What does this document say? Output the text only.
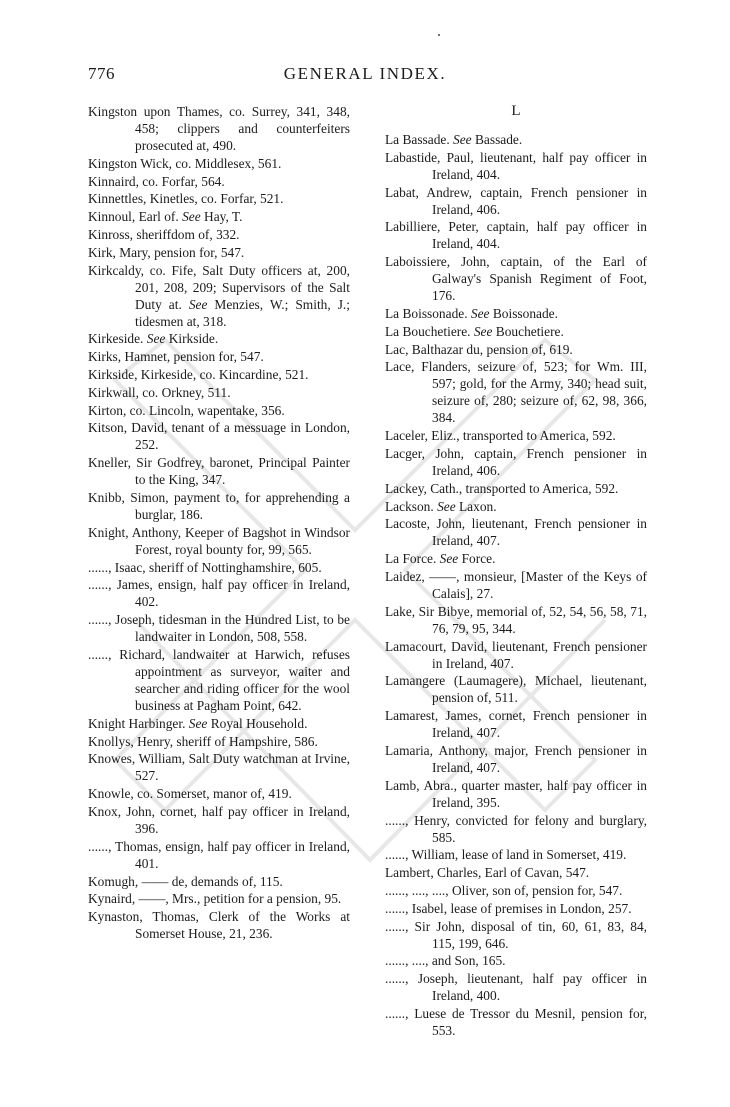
776	GENERAL INDEX.
Kingston upon Thames, co. Surrey, 341, 348, 458; clippers and counterfeiters prosecuted at, 490.
Kingston Wick, co. Middlesex, 561.
Kinnaird, co. Forfar, 564.
Kinnettles, Kinetles, co. Forfar, 521.
Kinnoul, Earl of. See Hay, T.
Kinross, sheriffdom of, 332.
Kirk, Mary, pension for, 547.
Kirkcaldy, co. Fife, Salt Duty officers at, 200, 201, 208, 209; Supervisors of the Salt Duty at. See Menzies, W.; Smith, J.; tidesmen at, 318.
Kirkeside. See Kirkside.
Kirks, Hamnet, pension for, 547.
Kirkside, Kirkeside, co. Kincardine, 521.
Kirkwall, co. Orkney, 511.
Kirton, co. Lincoln, wapentake, 356.
Kitson, David, tenant of a messuage in London, 252.
Kneller, Sir Godfrey, baronet, Principal Painter to the King, 347.
Knibb, Simon, payment to, for apprehending a burglar, 186.
Knight, Anthony, Keeper of Bagshot in Windsor Forest, royal bounty for, 99, 565.
......, Isaac, sheriff of Nottinghamshire, 605.
......, James, ensign, half pay officer in Ireland, 402.
......, Joseph, tidesman in the Hundred List, to be landwaiter in London, 508, 558.
......, Richard, landwaiter at Harwich, refuses appointment as surveyor, waiter and searcher and riding officer for the wool business at Pagham Point, 642.
Knight Harbinger. See Royal Household.
Knollys, Henry, sheriff of Hampshire, 586.
Knowes, William, Salt Duty watchman at Irvine, 527.
Knowle, co. Somerset, manor of, 419.
Knox, John, cornet, half pay officer in Ireland, 396.
......, Thomas, ensign, half pay officer in Ireland, 401.
Komugh, —— de, demands of, 115.
Kynaird, ——, Mrs., petition for a pension, 95.
Kynaston, Thomas, Clerk of the Works at Somerset House, 21, 236.
L
La Bassade. See Bassade.
Labastide, Paul, lieutenant, half pay officer in Ireland, 404.
Labat, Andrew, captain, French pensioner in Ireland, 406.
Labilliere, Peter, captain, half pay officer in Ireland, 404.
Laboissiere, John, captain, of the Earl of Galway's Spanish Regiment of Foot, 176.
La Boissonade. See Boissonade.
La Bouchetiere. See Bouchetiere.
Lac, Balthazar du, pension of, 619.
Lace, Flanders, seizure of, 523; for Wm. III, 597; gold, for the Army, 340; head suit, seizure of, 280; seizure of, 62, 98, 366, 384.
Laceler, Eliz., transported to America, 592.
Lacger, John, captain, French pensioner in Ireland, 406.
Lackey, Cath., transported to America, 592.
Lackson. See Laxon.
Lacoste, John, lieutenant, French pensioner in Ireland, 407.
La Force. See Force.
Laidez, ——, monsieur, [Master of the Keys of Calais], 27.
Lake, Sir Bibye, memorial of, 52, 54, 56, 58, 71, 76, 79, 95, 344.
Lamacourt, David, lieutenant, French pensioner in Ireland, 407.
Lamangere (Laumagere), Michael, lieutenant, pension of, 511.
Lamarest, James, cornet, French pensioner in Ireland, 407.
Lamaria, Anthony, major, French pensioner in Ireland, 407.
Lamb, Abra., quarter master, half pay officer in Ireland, 395.
......, Henry, convicted for felony and burglary, 585.
......, William, lease of land in Somerset, 419.
Lambert, Charles, Earl of Cavan, 547.
......, ...., ...., Oliver, son of, pension for, 547.
......, Isabel, lease of premises in London, 257.
......, Sir John, disposal of tin, 60, 61, 83, 84, 115, 199, 646.
......, ...., and Son, 165.
......, Joseph, lieutenant, half pay officer in Ireland, 400.
......, Luese de Tressor du Mesnil, pension for, 553.
